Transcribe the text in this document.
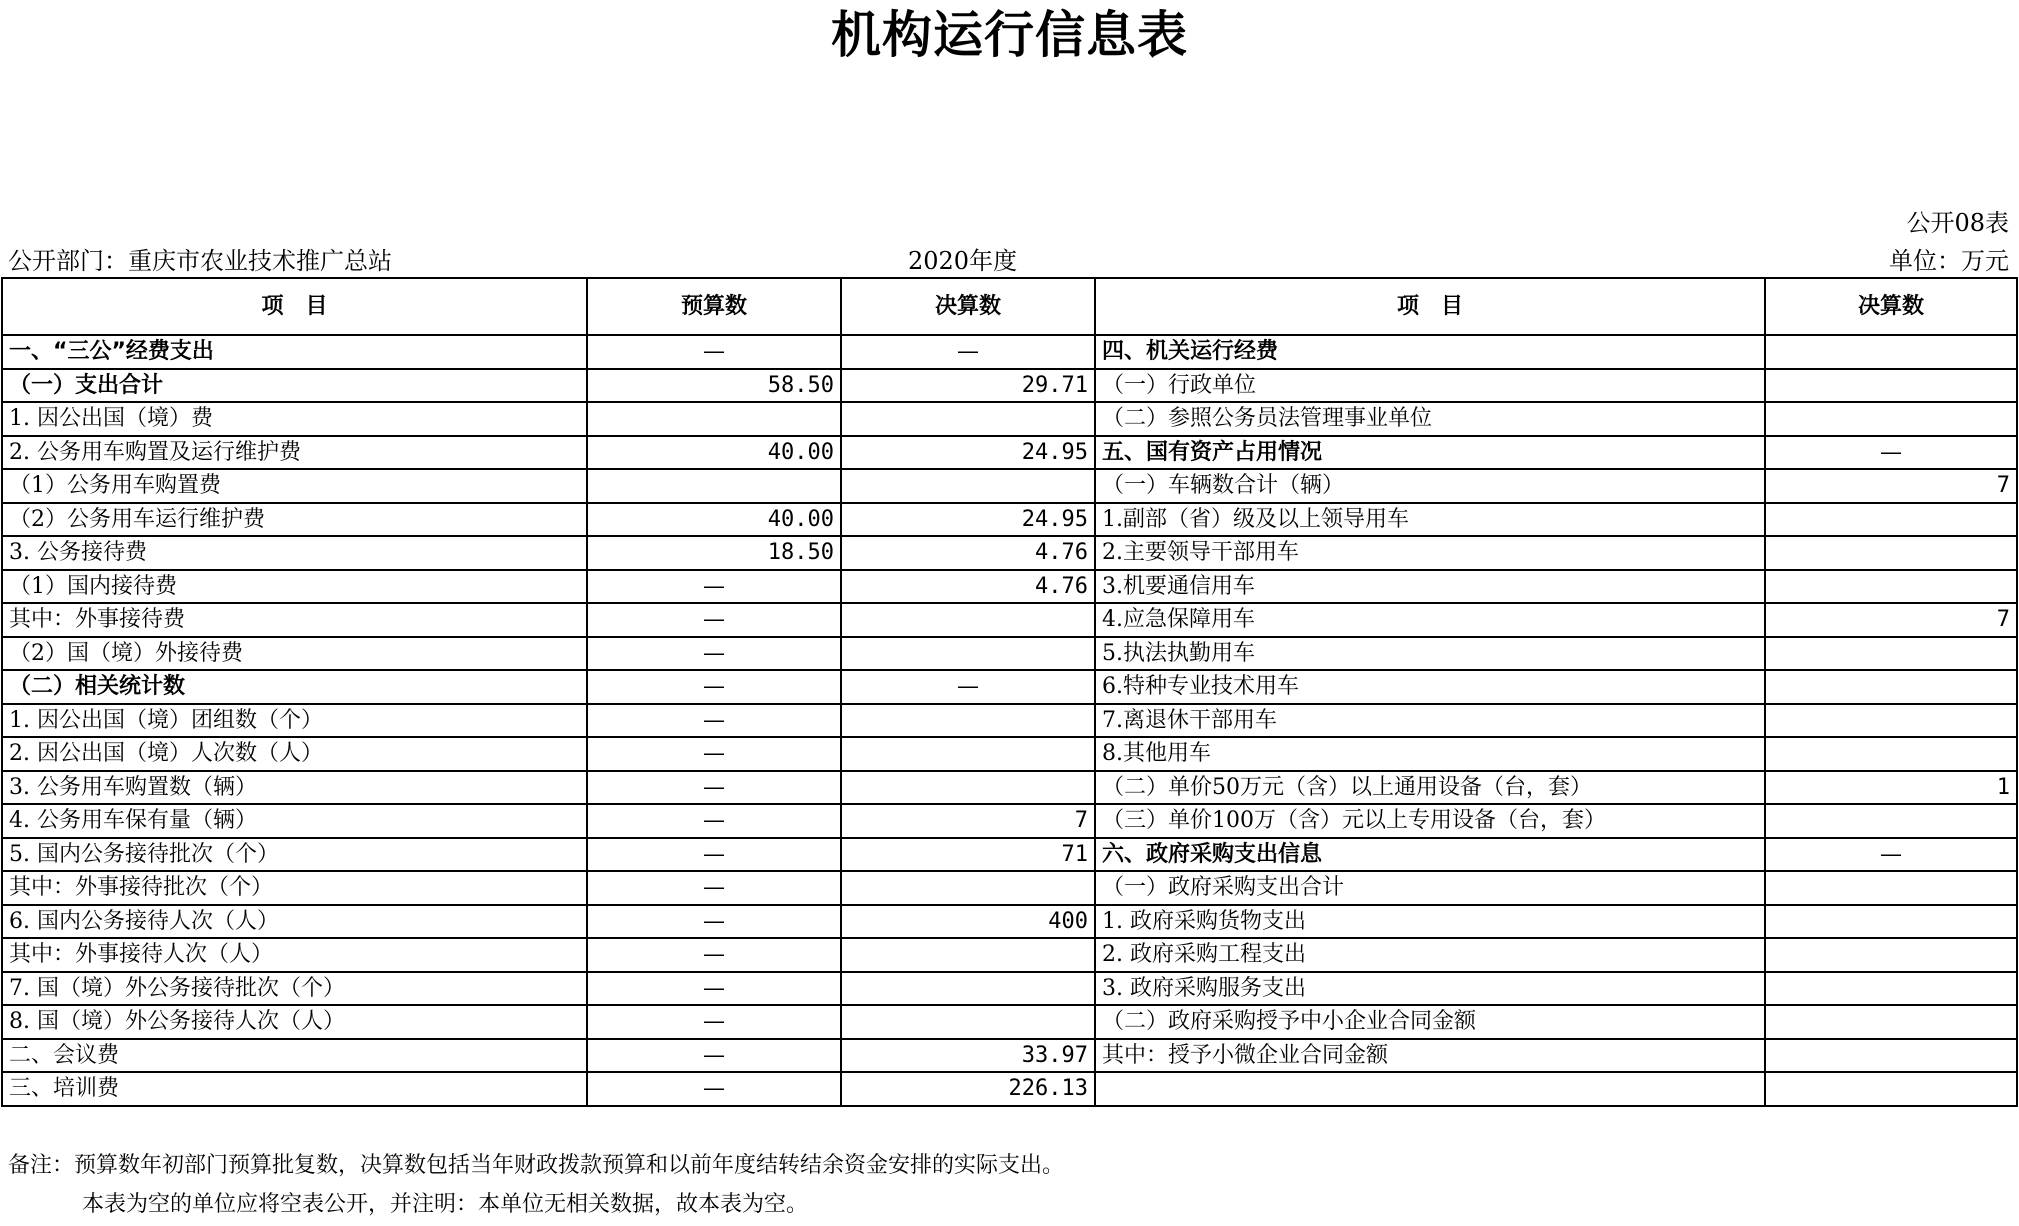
机构运行信息表
公开08表
公开部门：重庆市农业技术推广总站	2020年度	单位：万元
项　目	预算数	决算数	项　目	决算数
一、“三公”经费支出	—	—	四、机关运行经费	
（一）支出合计	58.50	29.71	（一）行政单位	
1. 因公出国（境）费			（二）参照公务员法管理事业单位	
2. 公务用车购置及运行维护费	40.00	24.95	五、国有资产占用情况	—
（1）公务用车购置费			（一）车辆数合计（辆）	7
（2）公务用车运行维护费	40.00	24.95	1.副部（省）级及以上领导用车	
3. 公务接待费	18.50	4.76	2.主要领导干部用车	
（1）国内接待费	—	4.76	3.机要通信用车	
其中：外事接待费	—		4.应急保障用车	7
（2）国（境）外接待费	—		5.执法执勤用车	
（二）相关统计数	—	—	6.特种专业技术用车	
1. 因公出国（境）团组数（个）	—		7.离退休干部用车	
2. 因公出国（境）人次数（人）	—		8.其他用车	
3. 公务用车购置数（辆）	—		（二）单价50万元（含）以上通用设备（台，套）	1
4. 公务用车保有量（辆）	—	7	（三）单价100万（含）元以上专用设备（台，套）	
5. 国内公务接待批次（个）	—	71	六、政府采购支出信息	—
其中：外事接待批次（个）	—		（一）政府采购支出合计	
6. 国内公务接待人次（人）	—	400	1. 政府采购货物支出	
其中：外事接待人次（人）	—		2. 政府采购工程支出	
7. 国（境）外公务接待批次（个）	—		3. 政府采购服务支出	
8. 国（境）外公务接待人次（人）	—		（二）政府采购授予中小企业合同金额	
二、会议费	—	33.97	其中：授予小微企业合同金额	
三、培训费	—	226.13		
备注：预算数年初部门预算批复数，决算数包括当年财政拨款预算和以前年度结转结余资金安排的实际支出。
本表为空的单位应将空表公开，并注明：本单位无相关数据，故本表为空。
